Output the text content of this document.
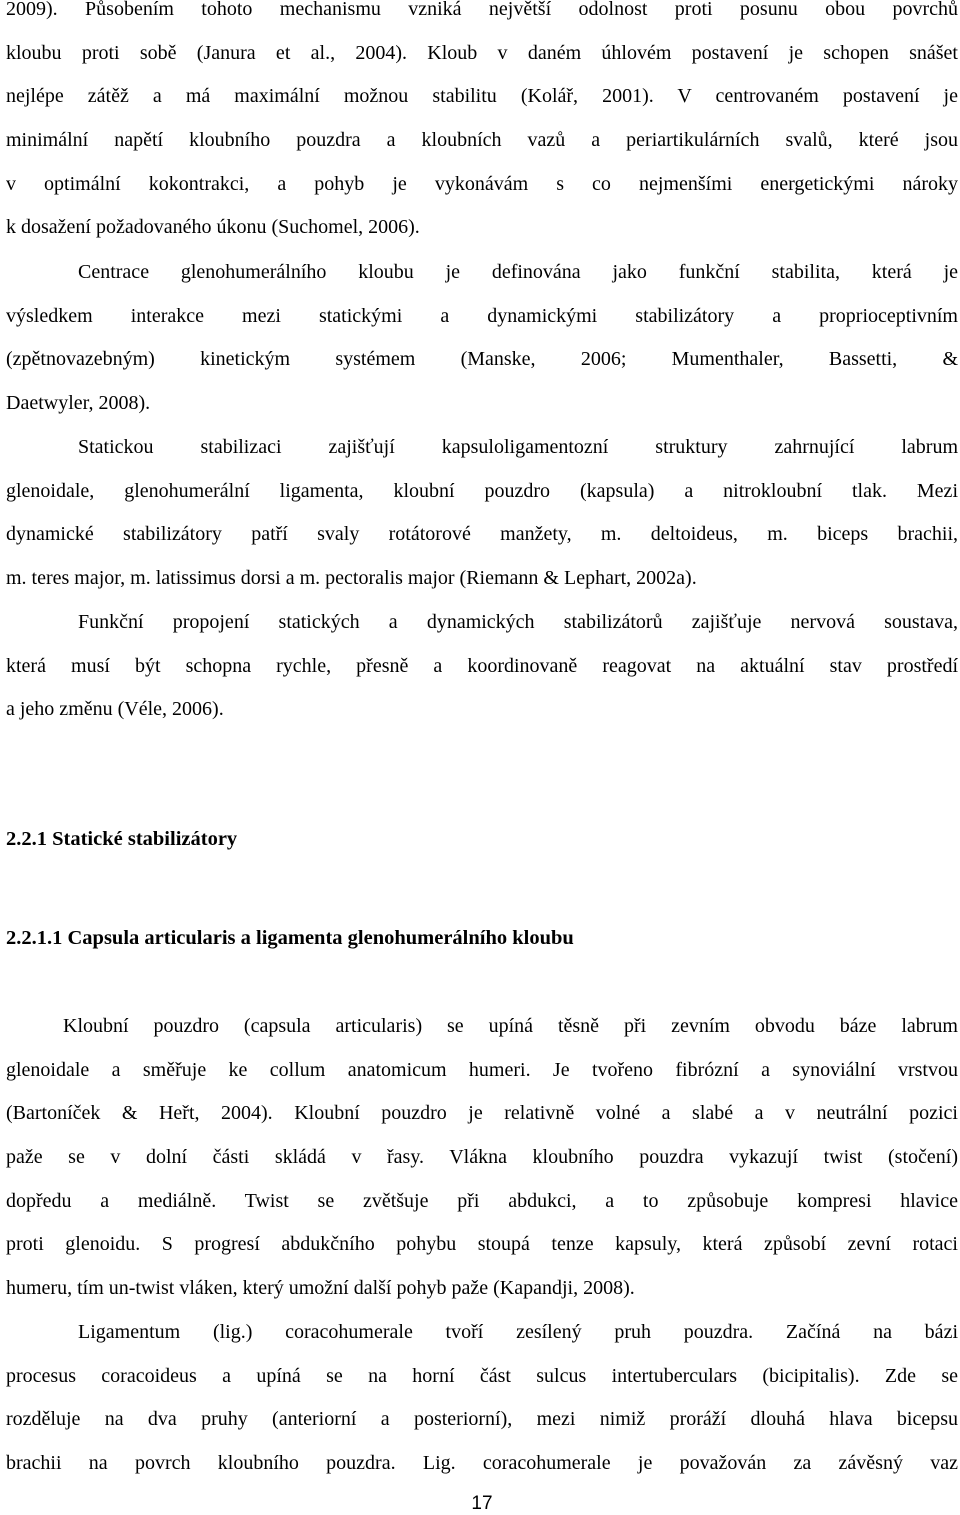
2009). Působením tohoto mechanismu vzniká největší odolnost proti posunu obou povrchů
kloubu proti sobě (Janura et al., 2004). Kloub v daném úhlovém postavení je schopen snášet
nejlépe zátěž a má maximální možnou stabilitu (Kolář, 2001). V centrovaném postavení je
minimální napětí kloubního pouzdra a kloubních vazů a periartikulárních svalů, které jsou
v optimální kokontrakci, a pohyb je vykonávám s co nejmenšími energetickými nároky
k dosažení požadovaného úkonu (Suchomel, 2006).
Centrace glenohumerálního kloubu je definována jako funkční stabilita, která je
výsledkem interakce mezi statickými a dynamickými stabilizátory a proprioceptivním
(zpětnovazebným) kinetickým systémem (Manske, 2006; Mumenthaler, Bassetti, &
Daetwyler, 2008).
Statickou stabilizaci zajišťují kapsuloligamentozní struktury zahrnující labrum
glenoidale, glenohumerální ligamenta, kloubní pouzdro (kapsula) a nitrokloubní tlak. Mezi
dynamické stabilizátory patří svaly rotátorové manžety, m. deltoideus, m. biceps brachii,
m. teres major, m. latissimus dorsi a m. pectoralis major (Riemann & Lephart, 2002a).
Funkční propojení statických a dynamických stabilizátorů zajišťuje nervová soustava,
která musí být schopna rychle, přesně a koordinovaně reagovat na aktuální stav prostředí
a jeho změnu (Véle, 2006).
2.2.1 Statické stabilizátory
2.2.1.1 Capsula articularis a ligamenta glenohumerálního kloubu
Kloubní pouzdro (capsula articularis) se upíná těsně při zevním obvodu báze labrum
glenoidale a směřuje ke collum anatomicum humeri. Je tvořeno fibrózní a synoviální vrstvou
(Bartoníček & Heřt, 2004). Kloubní pouzdro je relativně volné a slabé a v neutrální pozici
paže se v dolní části skládá v řasy. Vlákna kloubního pouzdra vykazují twist (stočení)
dopředu a mediálně. Twist se zvětšuje při abdukci, a to způsobuje kompresi hlavice
proti glenoidu. S progresí abdukčního pohybu stoupá tenze kapsuly, která způsobí zevní rotaci
humeru, tím un-twist vláken, který umožní další pohyb paže (Kapandji, 2008).
Ligamentum (lig.) coracohumerale tvoří zesílený pruh pouzdra. Začíná na bázi
procesus coracoideus a upíná se na horní část sulcus intertuberculars (bicipitalis). Zde se
rozděluje na dva pruhy (anteriorní a posteriorní), mezi nimiž proráží dlouhá hlava bicepsu
brachii na povrch kloubního pouzdra. Lig. coracohumerale je považován za závěsný vaz
17
